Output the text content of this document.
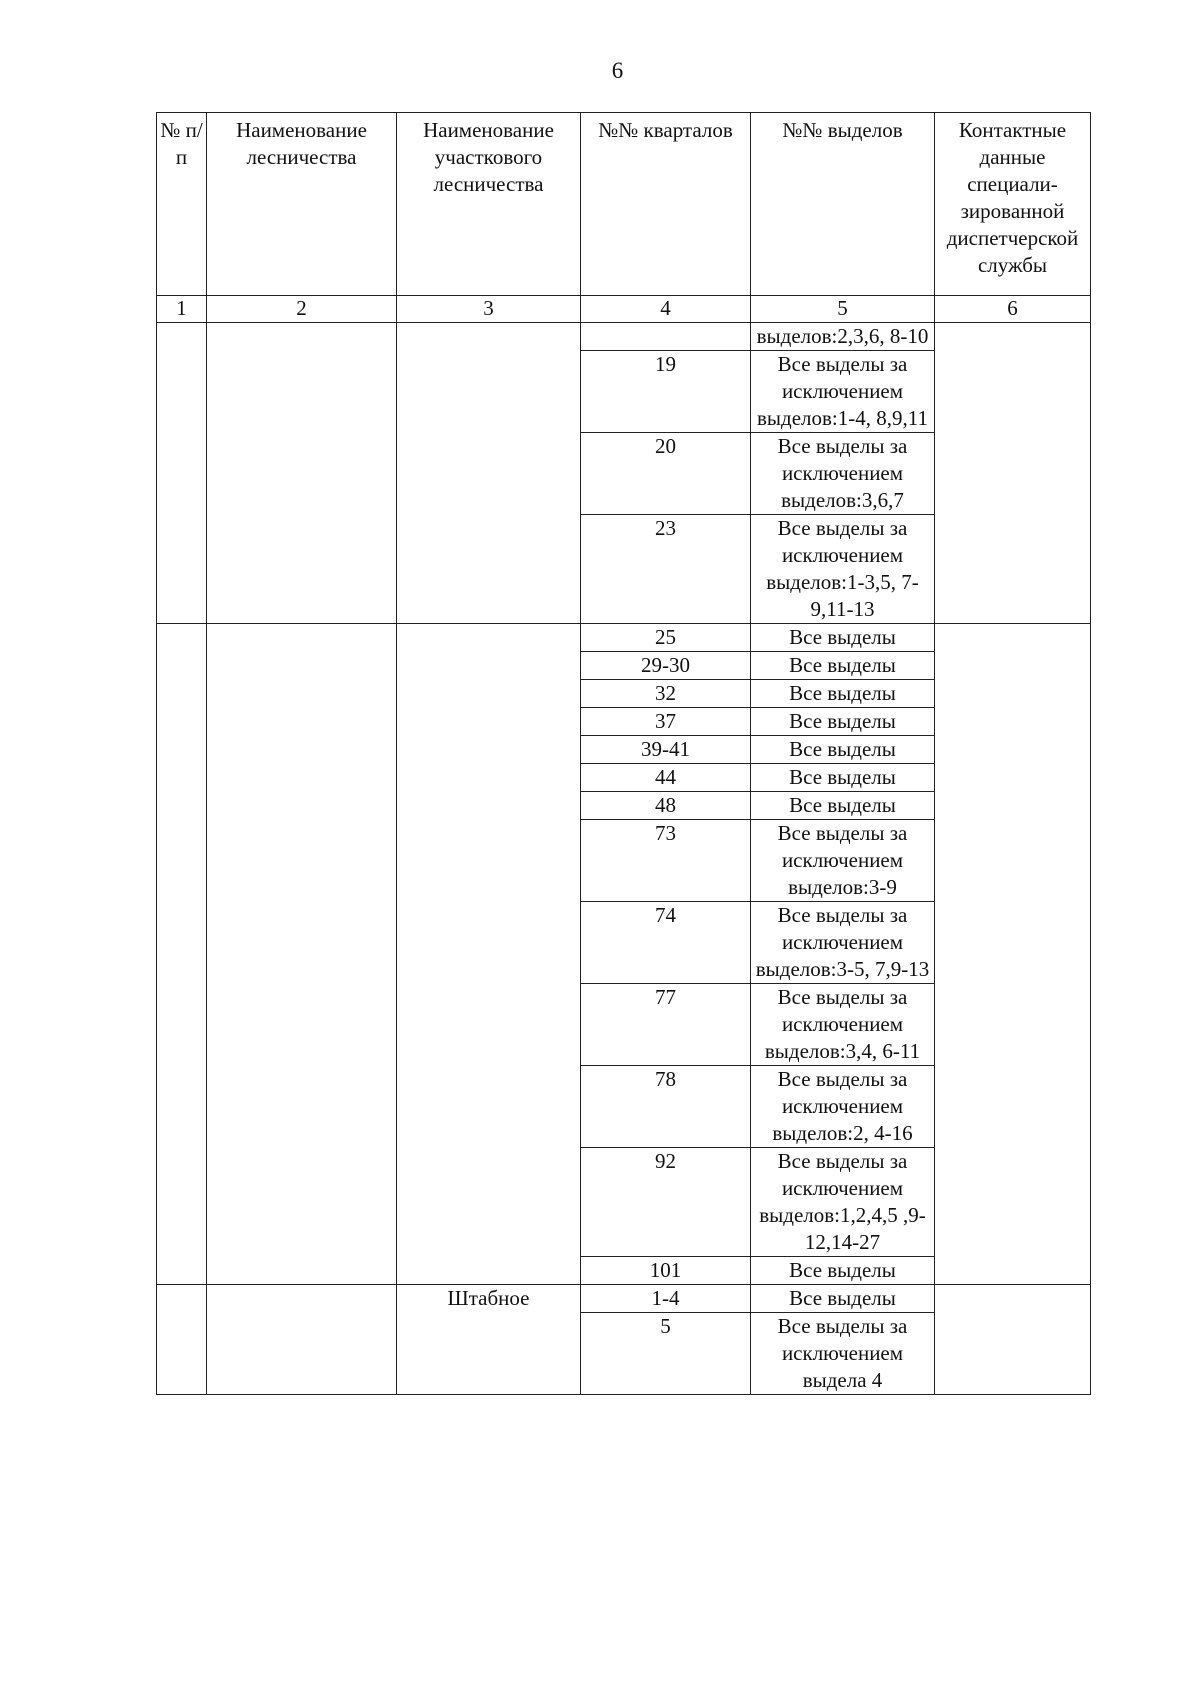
6
№ п/п	Наименование лесничества	Наименование участкового лесничества	№№ кварталов	№№ выделов	Контактные данные специали-зированной диспетчерской службы
1	2	3	4	5	6
				выделов:2,3,6, 8-10	
			19	Все выделы за исключением выделов:1-4, 8,9,11	
			20	Все выделы за исключением выделов:3,6,7	
			23	Все выделы за исключением выделов:1-3,5, 7-9,11-13	
			25	Все выделы	
			29-30	Все выделы	
			32	Все выделы	
			37	Все выделы	
			39-41	Все выделы	
			44	Все выделы	
			48	Все выделы	
			73	Все выделы за исключением выделов:3-9	
			74	Все выделы за исключением выделов:3-5, 7,9-13	
			77	Все выделы за исключением выделов:3,4, 6-11	
			78	Все выделы за исключением выделов:2, 4-16	
			92	Все выделы за исключением выделов:1,2,4,5 ,9-12,14-27	
			101	Все выделы	
		Штабное	1-4	Все выделы	
			5	Все выделы за исключением выдела 4	
